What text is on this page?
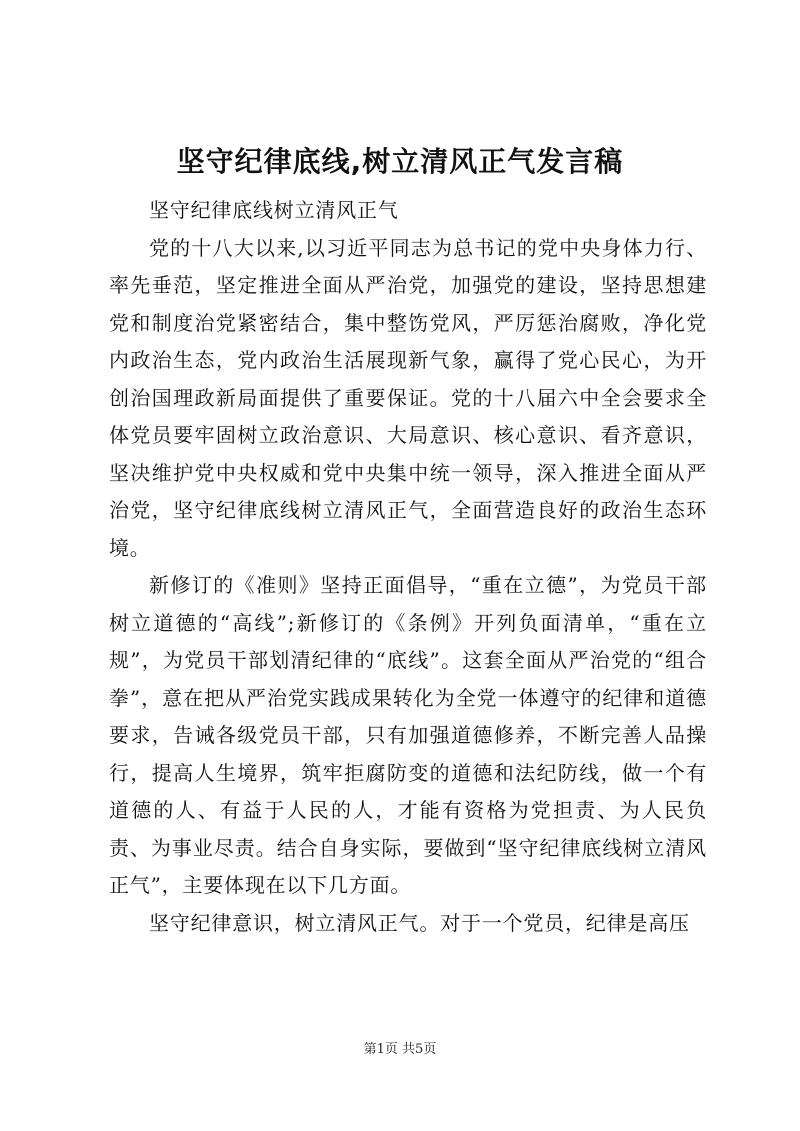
坚守纪律底线,树立清风正气发言稿

坚守纪律底线树立清风正气

党的十八大以来,以习近平同志为总书记的党中央身体力行、率先垂范，坚定推进全面从严治党，加强党的建设，坚持思想建党和制度治党紧密结合，集中整饬党风，严厉惩治腐败，净化党内政治生态，党内政治生活展现新气象，赢得了党心民心，为开创治国理政新局面提供了重要保证。党的十八届六中全会要求全体党员要牢固树立政治意识、大局意识、核心意识、看齐意识，坚决维护党中央权威和党中央集中统一领导，深入推进全面从严治党，坚守纪律底线树立清风正气，全面营造良好的政治生态环境。

新修订的《准则》坚持正面倡导，“重在立德”，为党员干部树立道德的“高线”;新修订的《条例》开列负面清单，“重在立规”，为党员干部划清纪律的“底线”。这套全面从严治党的“组合拳”，意在把从严治党实践成果转化为全党一体遵守的纪律和道德要求，告诫各级党员干部，只有加强道德修养，不断完善人品操行，提高人生境界，筑牢拒腐防变的道德和法纪防线，做一个有道德的人、有益于人民的人，才能有资格为党担责、为人民负责、为事业尽责。结合自身实际，要做到“坚守纪律底线树立清风正气”，主要体现在以下几方面。

坚守纪律意识，树立清风正气。对于一个党员，纪律是高压

第1页 共5页
